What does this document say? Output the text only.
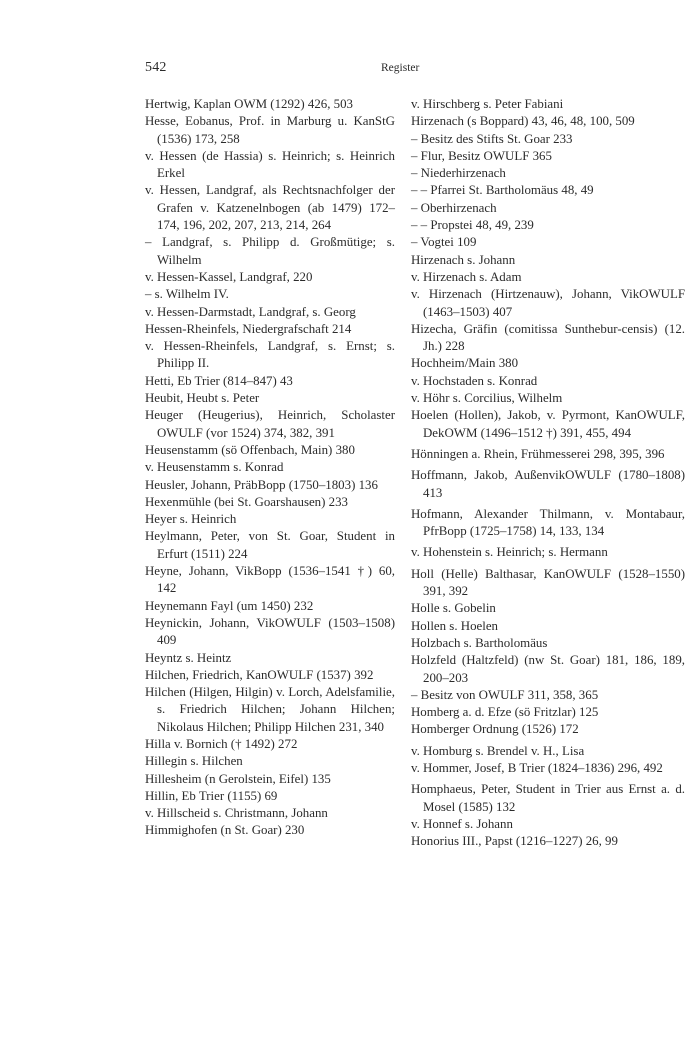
542	Register
Hertwig, Kaplan OWM (1292) 426, 503
Hesse, Eobanus, Prof. in Marburg u. KanStG (1536) 173, 258
v. Hessen (de Hassia) s. Heinrich; s. Heinrich Erkel
v. Hessen, Landgraf, als Rechtsnachfolger der Grafen v. Katzenelnbogen (ab 1479) 172–174, 196, 202, 207, 213, 214, 264
– Landgraf, s. Philipp d. Großmütige; s. Wilhelm
v. Hessen-Kassel, Landgraf, 220
– s. Wilhelm IV.
v. Hessen-Darmstadt, Landgraf, s. Georg
Hessen-Rheinfels, Niedergrafschaft 214
v. Hessen-Rheinfels, Landgraf, s. Ernst; s. Philipp II.
Hetti, Eb Trier (814–847) 43
Heubit, Heubt s. Peter
Heuger (Heugerius), Heinrich, Scholaster OWULF (vor 1524) 374, 382, 391
Heusenstamm (sö Offenbach, Main) 380
v. Heusenstamm s. Konrad
Heusler, Johann, PräbBopp (1750–1803) 136
Hexenmühle (bei St. Goarshausen) 233
Heyer s. Heinrich
Heylmann, Peter, von St. Goar, Student in Erfurt (1511) 224
Heyne, Johann, VikBopp (1536–1541 †) 60, 142
Heynemann Fayl (um 1450) 232
Heynickin, Johann, VikOWULF (1503–1508) 409
Heyntz s. Heintz
Hilchen, Friedrich, KanOWULF (1537) 392
Hilchen (Hilgen, Hilgin) v. Lorch, Adelsfamilie, s. Friedrich Hilchen; Johann Hilchen; Nikolaus Hilchen; Philipp Hilchen 231, 340
Hilla v. Bornich († 1492) 272
Hillegin s. Hilchen
Hillesheim (n Gerolstein, Eifel) 135
Hillin, Eb Trier (1155) 69
v. Hillscheid s. Christmann, Johann
Himmighofen (n St. Goar) 230
v. Hirschberg s. Peter Fabiani
Hirzenach (s Boppard) 43, 46, 48, 100, 509
– Besitz des Stifts St. Goar 233
– Flur, Besitz OWULF 365
– Niederhirzenach
– – Pfarrei St. Bartholomäus 48, 49
– Oberhirzenach
– – Propstei 48, 49, 239
– Vogtei 109
Hirzenach s. Johann
v. Hirzenach s. Adam
v. Hirzenach (Hirtzenauw), Johann, VikOWULF (1463–1503) 407
Hizecha, Gräfin (comitissa Sunthebur-censis) (12. Jh.) 228
Hochheim/Main 380
v. Hochstaden s. Konrad
v. Höhr s. Corcilius, Wilhelm
Hoelen (Hollen), Jakob, v. Pyrmont, KanOWULF, DekOWM (1496–1512 †) 391, 455, 494
Hönningen a. Rhein, Frühmesserei 298, 395, 396
Hoffmann, Jakob, AußenvikOWULF (1780–1808) 413
Hofmann, Alexander Thilmann, v. Montabaur, PfrBopp (1725–1758) 14, 133, 134
v. Hohenstein s. Heinrich; s. Hermann
Holl (Helle) Balthasar, KanOWULF (1528–1550) 391, 392
Holle s. Gobelin
Hollen s. Hoelen
Holzbach s. Bartholomäus
Holzfeld (Haltzfeld) (nw St. Goar) 181, 186, 189, 200–203
– Besitz von OWULF 311, 358, 365
Homberg a. d. Efze (sö Fritzlar) 125
Homberger Ordnung (1526) 172
v. Homburg s. Brendel v. H., Lisa
v. Hommer, Josef, B Trier (1824–1836) 296, 492
Homphaeus, Peter, Student in Trier aus Ernst a. d. Mosel (1585) 132
v. Honnef s. Johann
Honorius III., Papst (1216–1227) 26, 99
